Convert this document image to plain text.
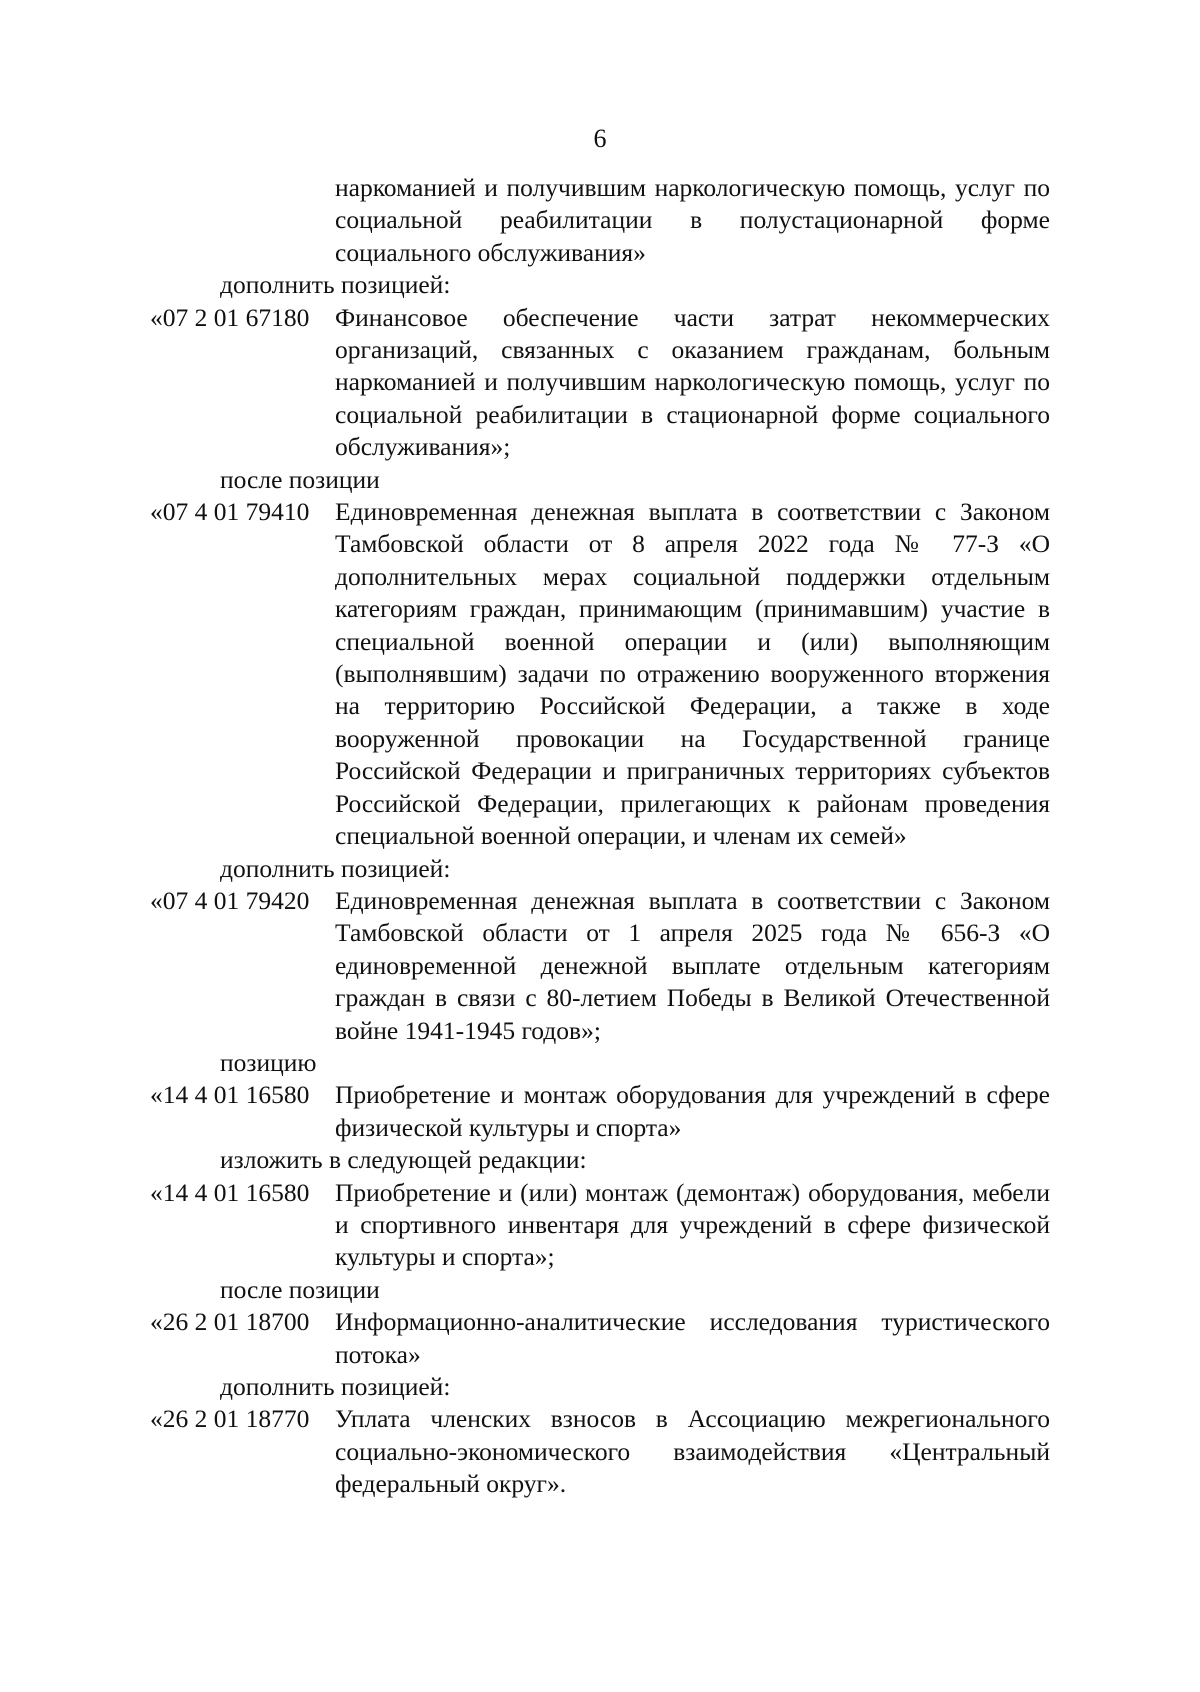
6
наркоманией и получившим наркологическую помощь, услуг по социальной реабилитации в полустационарной форме социального обслуживания»
дополнить позицией:
«07 2 01 67180	Финансовое обеспечение части затрат некоммерческих организаций, связанных с оказанием гражданам, больным наркоманией и получившим наркологическую помощь, услуг по социальной реабилитации в стационарной форме социального обслуживания»;
после позиции
«07 4 01 79410	Единовременная денежная выплата в соответствии с Законом Тамбовской области от 8 апреля 2022 года № 77-З «О дополнительных мерах социальной поддержки отдельным категориям граждан, принимающим (принимавшим) участие в специальной военной операции и (или) выполняющим (выполнявшим) задачи по отражению вооруженного вторжения на территорию Российской Федерации, а также в ходе вооруженной провокации на Государственной границе Российской Федерации и приграничных территориях субъектов Российской Федерации, прилегающих к районам проведения специальной военной операции, и членам их семей»
дополнить позицией:
«07 4 01 79420	Единовременная денежная выплата в соответствии с Законом Тамбовской области от 1 апреля 2025 года № 656-З «О единовременной денежной выплате отдельным категориям граждан в связи с 80-летием Победы в Великой Отечественной войне 1941-1945 годов»;
позицию
«14 4 01 16580	Приобретение и монтаж оборудования для учреждений в сфере физической культуры и спорта»
изложить в следующей редакции:
«14 4 01 16580	Приобретение и (или) монтаж (демонтаж) оборудования, мебели и спортивного инвентаря для учреждений в сфере физической культуры и спорта»;
после позиции
«26 2 01 18700	Информационно-аналитические исследования туристического потока»
дополнить позицией:
«26 2 01 18770	Уплата членских взносов в Ассоциацию межрегионального социально-экономического взаимодействия «Центральный федеральный округ».
